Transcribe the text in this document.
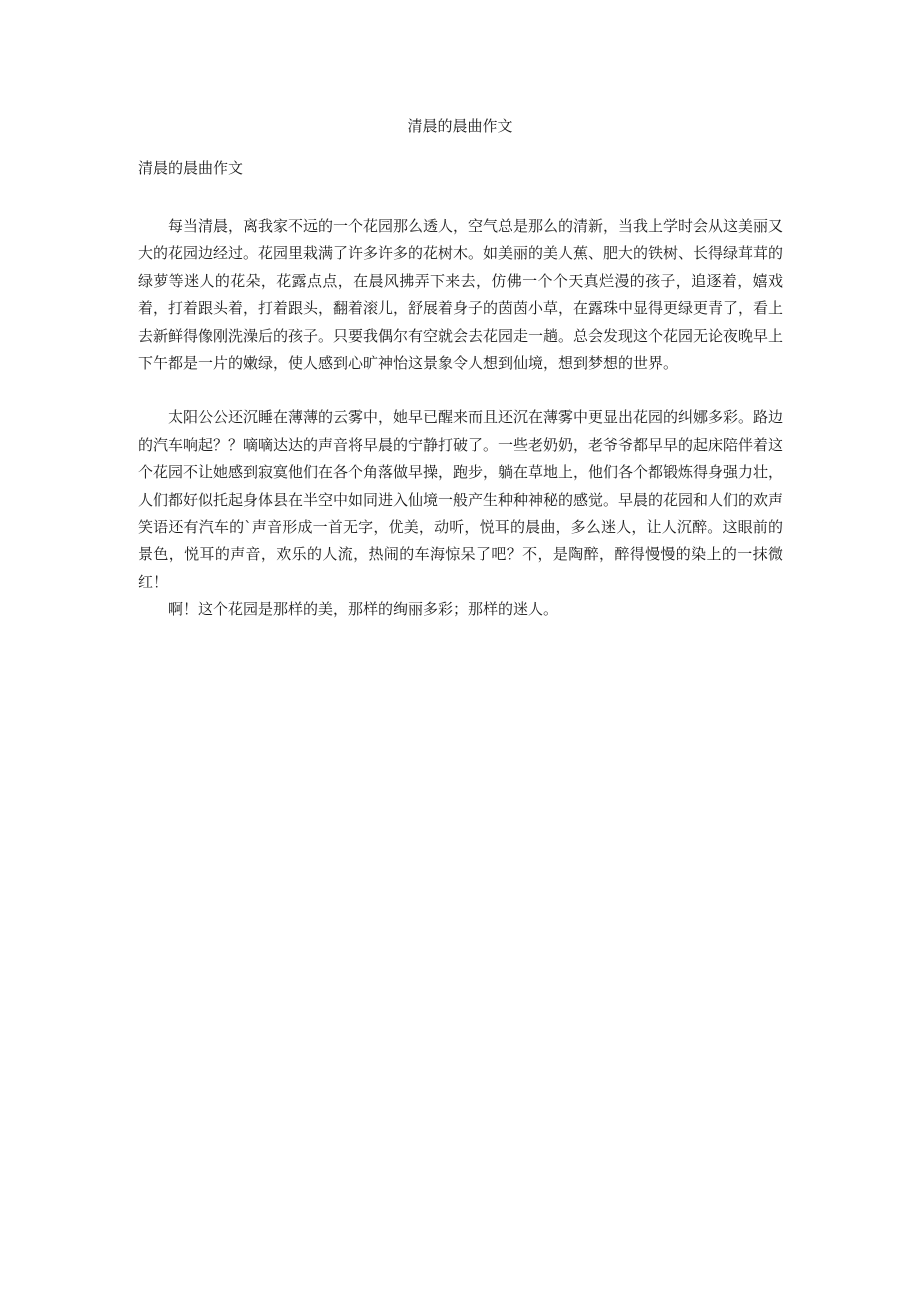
清晨的晨曲作文

清晨的晨曲作文

每当清晨，离我家不远的一个花园那么透人，空气总是那么的清新，当我上学时会从这美丽又大的花园边经过。花园里栽满了许多许多的花树木。如美丽的美人蕉、肥大的铁树、长得绿茸茸的绿萝等迷人的花朵，花露点点，在晨风拂弄下来去，仿佛一个个天真烂漫的孩子，追逐着，嬉戏着，打着跟头着，打着跟头，翻着滚儿，舒展着身子的茵茵小草，在露珠中显得更绿更青了，看上去新鲜得像刚洗澡后的孩子。只要我偶尔有空就会去花园走一趟。总会发现这个花园无论夜晚早上下午都是一片的嫩绿，使人感到心旷神怡这景象令人想到仙境，想到梦想的世界。

太阳公公还沉睡在薄薄的云雾中，她早已醒来而且还沉在薄雾中更显出花园的纠娜多彩。路边的汽车响起？？嘀嘀达达的声音将早晨的宁静打破了。一些老奶奶，老爷爷都早早的起床陪伴着这个花园不让她感到寂寞他们在各个角落做早操，跑步，躺在草地上，他们各个都锻炼得身强力壮，人们都好似托起身体县在半空中如同进入仙境一般产生种种神秘的感觉。早晨的花园和人们的欢声笑语还有汽车的`声音形成一首无字，优美，动听，悦耳的晨曲，多么迷人，让人沉醉。这眼前的景色，悦耳的声音，欢乐的人流，热闹的车海惊呆了吧？不，是陶醉，醉得慢慢的染上的一抹微红！

啊！这个花园是那样的美，那样的绚丽多彩；那样的迷人。
